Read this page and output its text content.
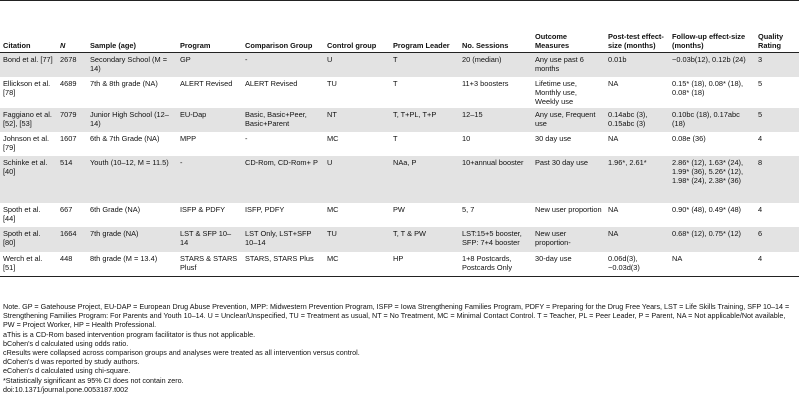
Citation	N	Sample (age)	Program	Comparison Group	Control group	Program Leader	No. Sessions	Outcome Measures	Post-test effect-size (months)	Follow-up effect-size (months)	Quality Rating
Bond et al. [77]	2678	Secondary School (M = 14)	GP	-	U	T	20 (median)	Any use past 6 months	0.01b	−0.03b(12), 0.12b (24)	3
Ellickson et al. [78]	4689	7th & 8th grade (NA)	ALERT Revised	ALERT Revised	TU	T	11+3 boosters	Lifetime use, Monthly use, Weekly use	NA	0.15* (18), 0.08* (18), 0.08* (18)	5
Faggiano et al. [52], [53]	7079	Junior High School (12–14)	EU-Dap	Basic, Basic+Peer, Basic+Parent	NT	T, T+PL, T+P	12–15	Any use, Frequent use	0.14abc (3), 0.15abc (3)	0.10bc (18), 0.17abc (18)	5
Johnson et al. [79]	1607	6th & 7th Grade (NA)	MPP	-	MC	T	10	30 day use	NA	0.08e (36)	4
Schinke et al. [40]	514	Youth (10–12, M = 11.5)	-	CD-Rom, CD-Rom+ P	U	NAa, P	10+annual booster	Past 30 day use	1.96*, 2.61*	2.86* (12), 1.63* (24), 1.99* (36), 5.26* (12), 1.98* (24), 2.38* (36)	8
Spoth et al. [44]	667	6th Grade (NA)	ISFP & PDFY	ISFP, PDFY	MC	PW	5, 7	New user proportion	NA	0.90* (48), 0.49* (48)	4
Spoth et al. [80]	1664	7th grade (NA)	LST & SFP 10–14	LST Only, LST+SFP 10–14	TU	T, T & PW	LST:15+5 booster, SFP: 7+4 booster	New user proportion-	NA	0.68* (12), 0.75* (12)	6
Werch et al. [51]	448	8th grade (M = 13.4)	STARS & STARS Plusf	STARS, STARS Plus	MC	HP	1+8 Postcards, Postcards Only	30-day use	0.06d(3), −0.03d(3)	NA	4
Note. GP = Gatehouse Project, EU-DAP = European Drug Abuse Prevention, MPP: Midwestern Prevention Program, ISFP = Iowa Strengthening Families Program, PDFY = Preparing for the Drug Free Years, LST = Life Skills Training, SFP 10–14 = Strengthening Families Program: For Parents and Youth 10–14. U = Unclear/Unspecified, TU = Treatment as usual, NT = No Treatment, MC = Minimal Contact Control. T = Teacher, PL = Peer Leader, P = Parent, NA = Not applicable/Not available, PW = Project Worker, HP = Health Professional.
aThis is a CD-Rom based intervention program facilitator is thus not applicable.
bCohen's d calculated using odds ratio.
cResults were collapsed across comparison groups and analyses were treated as all intervention versus control.
dCohen's d was reported by study authors.
eCohen's d calculated using chi-square.
*Statistically significant as 95% CI does not contain zero.
doi:10.1371/journal.pone.0053187.t002
